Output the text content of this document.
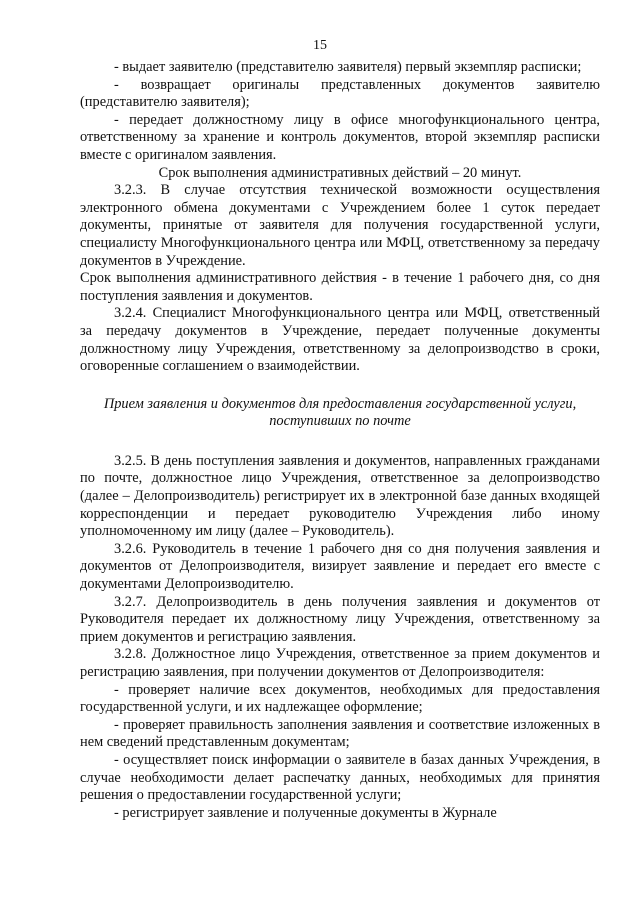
15

- выдает заявителю (представителю заявителя) первый экземпляр расписки;

- возвращает оригиналы представленных документов заявителю (представителю заявителя);

- передает должностному лицу в офисе многофункционального центра, ответственному за хранение и контроль документов, второй экземпляр расписки вместе с оригиналом заявления.

Срок выполнения административных действий – 20 минут.

3.2.3. В случае отсутствия технической возможности осуществления электронного обмена документами с Учреждением более 1 суток передает документы, принятые от заявителя для получения государственной услуги, специалисту Многофункционального центра или МФЦ, ответственному за передачу документов в Учреждение.

Срок выполнения административного действия - в течение 1 рабочего дня, со дня поступления заявления и документов.

3.2.4. Специалист Многофункционального центра или МФЦ, ответственный за передачу документов в Учреждение, передает полученные документы должностному лицу Учреждения, ответственному за делопроизводство в сроки, оговоренные соглашением о взаимодействии.

Прием заявления и документов для предоставления государственной услуги, поступивших по почте

3.2.5. В день поступления заявления и документов, направленных гражданами по почте, должностное лицо Учреждения, ответственное за делопроизводство (далее – Делопроизводитель) регистрирует их в электронной базе данных входящей корреспонденции и передает руководителю Учреждения либо иному уполномоченному им лицу (далее – Руководитель).

3.2.6. Руководитель в течение 1 рабочего дня со дня получения заявления и документов от Делопроизводителя, визирует заявление и передает его вместе с документами Делопроизводителю.

3.2.7. Делопроизводитель в день получения заявления и документов от Руководителя передает их должностному лицу Учреждения, ответственному за прием документов и регистрацию заявления.

3.2.8. Должностное лицо Учреждения, ответственное за прием документов и регистрацию заявления, при получении документов от Делопроизводителя:

- проверяет наличие всех документов, необходимых для предоставления государственной услуги, и их надлежащее оформление;

- проверяет правильность заполнения заявления и соответствие изложенных в нем сведений представленным документам;

- осуществляет поиск информации о заявителе в базах данных Учреждения, в случае необходимости делает распечатку данных, необходимых для принятия решения о предоставлении государственной услуги;

- регистрирует заявление и полученные документы в Журнале
